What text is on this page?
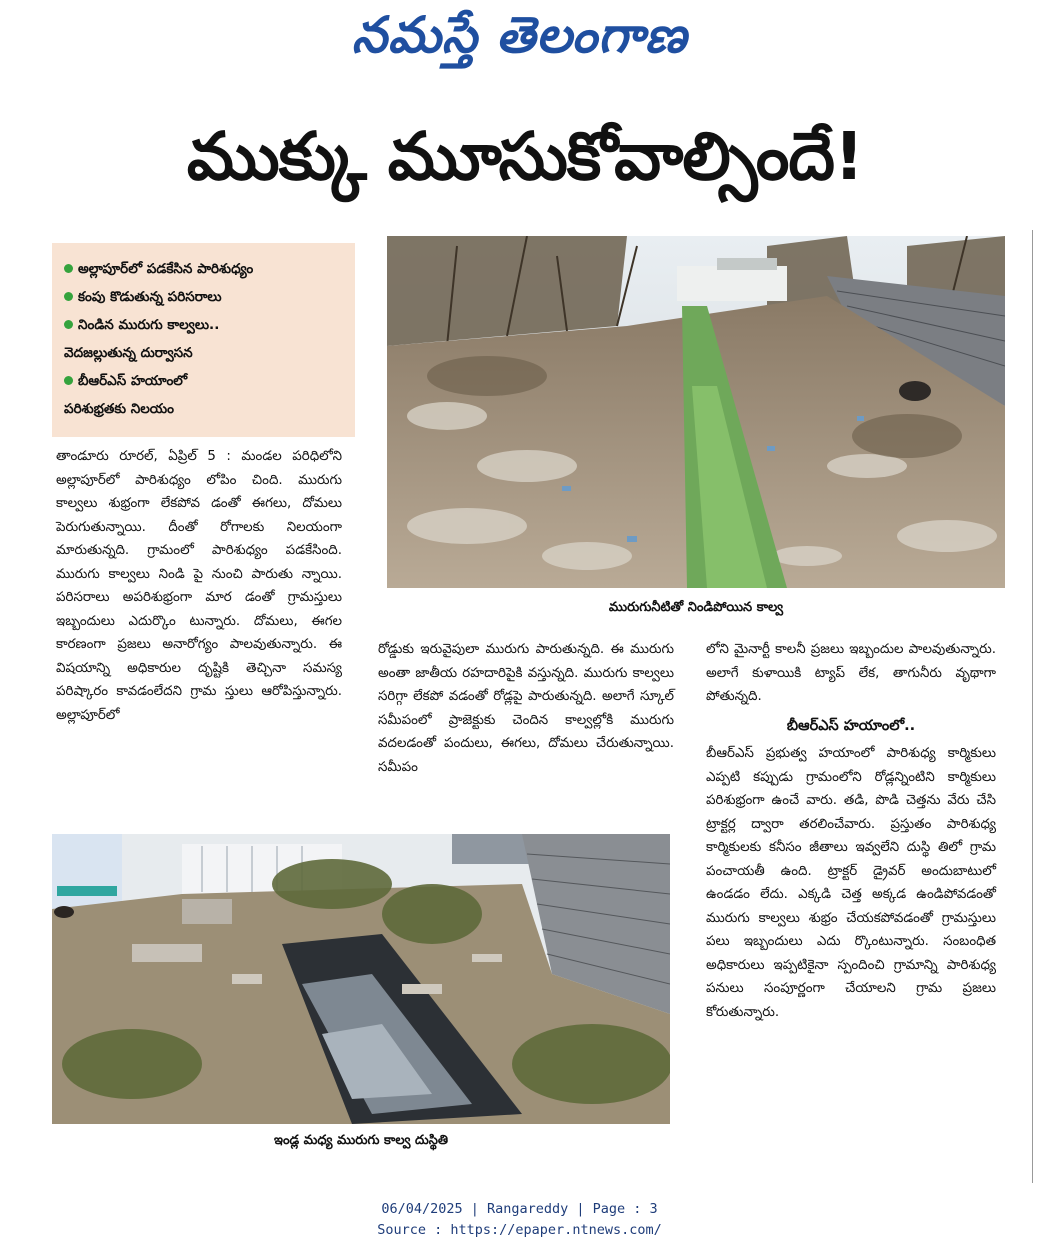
నమస్తే తెలంగాణ
ముక్కు మూసుకోవాల్సిందే!
అల్లాపూర్‌లో పడకేసిన పారిశుధ్యం
కంపు కొడుతున్న పరిసరాలు
నిండిన మురుగు కాల్వలు..
వెదజల్లుతున్న దుర్వాసన
బీఆర్‌ఎస్‌ హయాంలో
పరిశుభ్రతకు నిలయం
మురుగునీటితో నిండిపోయిన కాల్వ

తాండూరు రూరల్‌, ఏప్రిల్‌ 5 : మండల పరిధిలోని అల్లాపూర్‌లో పారిశుధ్యం లోపిం చింది. మురుగు కాల్వలు శుభ్రంగా లేకపోవ డంతో ఈగలు, దోమలు పెరుగుతున్నాయి. దీంతో రోగాలకు నిలయంగా మారుతున్నది. గ్రామంలో పారిశుధ్యం పడకేసింది. మురుగు కాల్వలు నిండి పై నుంచి పారుతు న్నాయి. పరిసరాలు అపరిశుభ్రంగా మార డంతో గ్రామస్తులు ఇబ్బందులు ఎదుర్కొం టున్నారు. దోమలు, ఈగల కారణంగా ప్రజలు అనారోగ్యం పాలవుతున్నారు. ఈ విషయాన్ని అధికారుల దృష్టికి తెచ్చినా సమస్య పరిష్కారం కావడంలేదని గ్రామ స్తులు ఆరోపిస్తున్నారు. అల్లాపూర్‌లో

రోడ్డుకు ఇరువైపులా మురుగు పారుతున్నది. ఈ మురుగు అంతా జాతీయ రహదారిపైకి వస్తున్నది. మురుగు కాల్వలు సరిగ్గా లేకపో వడంతో రోడ్లపై పారుతున్నది. అలాగే స్కూల్‌ సమీపంలో ప్రాజెక్టుకు చెందిన కాల్వల్లోకి మురుగు వదలడంతో పందులు, ఈగలు, దోమలు చేరుతున్నాయి. సమీపం

లోని మైనార్టీ కాలనీ ప్రజలు ఇబ్బందుల పాలవుతున్నారు. అలాగే కుళాయికి ట్యాప్‌ లేక, తాగునీరు వృథాగా పోతున్నది.

బీఆర్‌ఎస్‌ హయాంలో..

బీఆర్‌ఎస్‌ ప్రభుత్వ హయాంలో పారిశుధ్య కార్మికులు ఎప్పటి కప్పుడు గ్రామంలోని రోడ్లన్నింటిని కార్మికులు పరిశుభ్రంగా ఉంచే వారు. తడి, పొడి చెత్తను వేరు చేసి ట్రాక్టర్ల ద్వారా తరలించేవారు. ప్రస్తుతం పారిశుధ్య కార్మికులకు కనీసం జీతాలు ఇవ్వలేని దుస్థి తిలో గ్రామ పంచాయతీ ఉంది. ట్రాక్టర్‌ డ్రైవర్‌ అందుబాటులో ఉండడం లేదు. ఎక్కడి చెత్త అక్కడ ఉండిపోవడంతో మురుగు కాల్వలు శుభ్రం చేయకపోవడంతో గ్రామస్తులు పలు ఇబ్బందులు ఎదు ర్కొంటున్నారు. సంబంధిత అధికారులు ఇప్పటికైనా స్పందించి గ్రామాన్ని పారిశుధ్య పనులు సంపూర్ణంగా చేయాలని గ్రామ ప్రజలు కోరుతున్నారు.

ఇండ్ల మధ్య మురుగు కాల్వ దుస్థితి
06/04/2025 | Rangareddy | Page : 3
Source : https://epaper.ntnews.com/
